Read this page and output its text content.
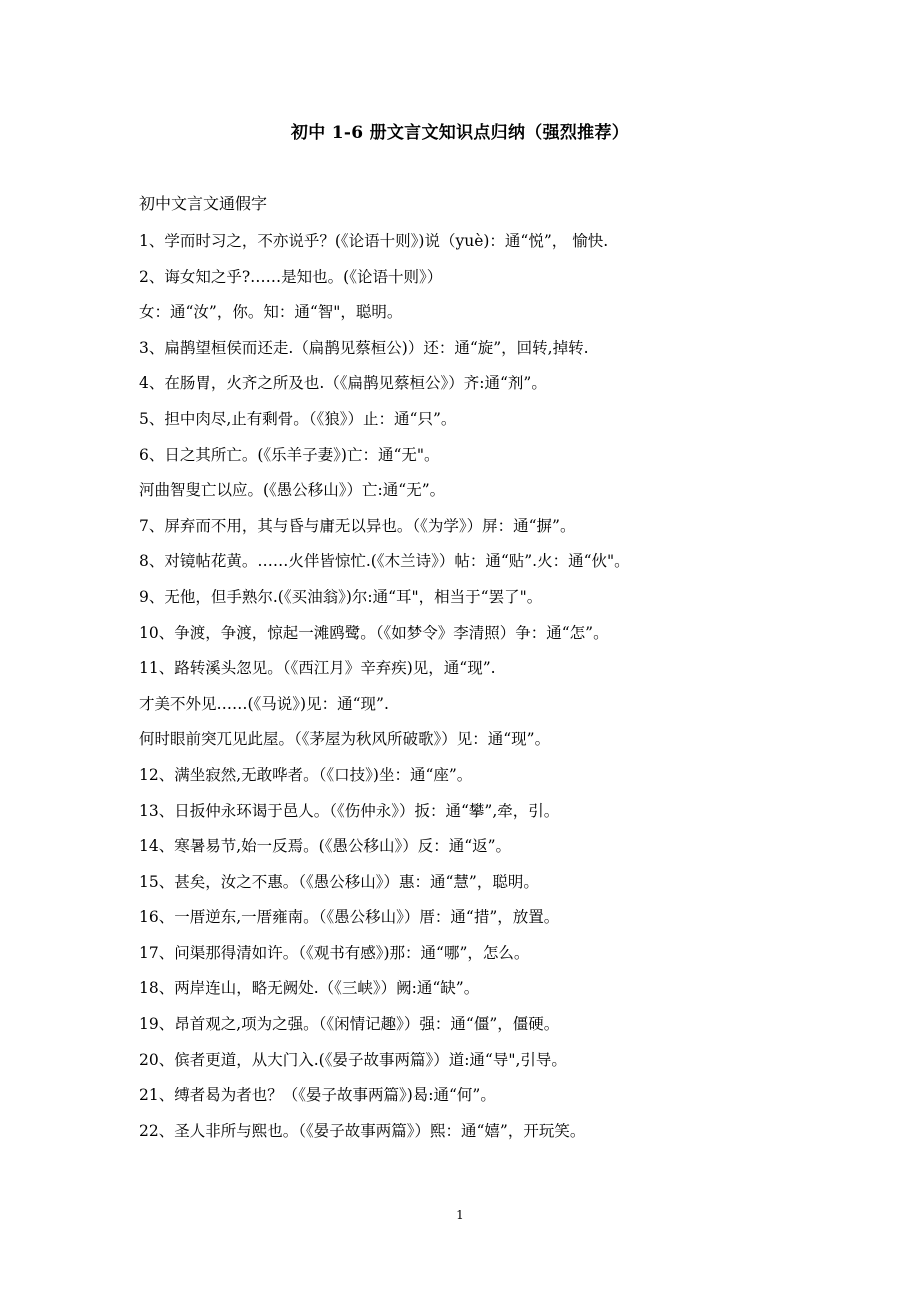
初中 1-6 册文言文知识点归纳（强烈推荐）
初中文言文通假字
1、学而时习之，不亦说乎？(《论语十则》)说（yuè)：通“悦”， 愉快.
2、诲女知之乎?……是知也。(《论语十则》）
女：通“汝”，你。知：通“智"，聪明。
3、扁鹊望桓侯而还走.（扁鹊见蔡桓公)）还：通“旋”，回转,掉转.
4、在肠胃，火齐之所及也.（《扁鹊见蔡桓公》）齐:通“剂”。
5、担中肉尽,止有剩骨。（《狼》）止：通“只”。
6、日之其所亡。(《乐羊子妻》)亡：通“无"。
河曲智叟亡以应。(《愚公移山》）亡:通“无”。
7、屏弃而不用，其与昏与庸无以异也。（《为学》）屏：通“摒”。
8、对镜帖花黄。……火伴皆惊忙.(《木兰诗》）帖：通“贴”.火：通“伙"。
9、无他，但手熟尔.(《买油翁》)尔:通“耳"，相当于“罢了"。
10、争渡，争渡，惊起一滩鸥鹭。（《如梦令》李清照）争：通“怎”。
11、路转溪头忽见。（《西江月》辛弃疾)见，通“现”.
才美不外见……(《马说》)见：通“现”.
何时眼前突兀见此屋。（《茅屋为秋风所破歌》）见：通“现”。
12、满坐寂然,无敢哗者。（《口技》)坐：通“座”。
13、日扳仲永环谒于邑人。（《伤仲永》）扳：通“攀”,牵，引。
14、寒暑易节,始一反焉。(《愚公移山》）反：通“返”。
15、甚矣，汝之不惠。（《愚公移山》）惠：通“慧”，聪明。
16、一厝逆东,一厝雍南。（《愚公移山》）厝：通“措”，放置。
17、问渠那得清如许。（《观书有感》)那：通“哪”，怎么。
18、两岸连山，略无阙处.（《三峡》）阙:通“缺”。
19、昂首观之,项为之强。（《闲情记趣》）强：通“僵”，僵硬。
20、傧者更道，从大门入.(《晏子故事两篇》）道:通“导",引导。
21、缚者曷为者也？（《晏子故事两篇》)曷:通“何”。
22、圣人非所与熙也。（《晏子故事两篇》）熙：通“嬉”，开玩笑。
1
